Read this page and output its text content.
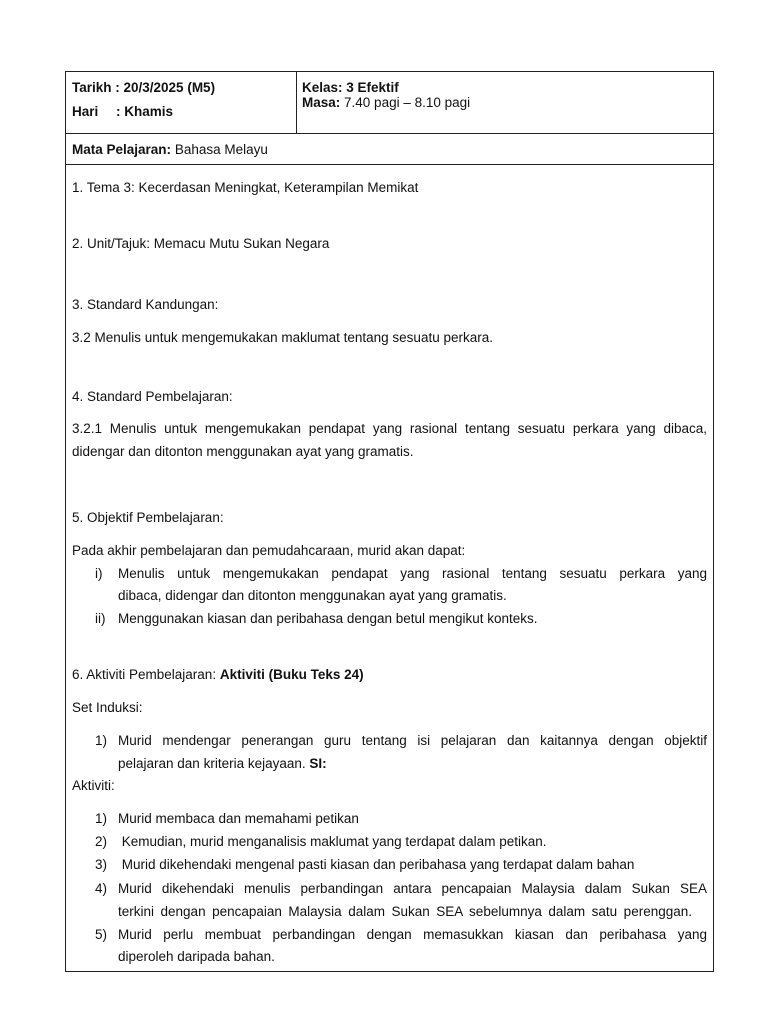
Tarikh : 20/3/2025 (M5)
Hari : Khamis
Kelas: 3 Efektif
Masa: 7.40 pagi – 8.10 pagi
Mata Pelajaran: Bahasa Melayu
1. Tema 3: Kecerdasan Meningkat, Keterampilan Memikat
2. Unit/Tajuk: Memacu Mutu Sukan Negara
3. Standard Kandungan:
3.2 Menulis untuk mengemukakan maklumat tentang sesuatu perkara.
4. Standard Pembelajaran:
3.2.1 Menulis untuk mengemukakan pendapat yang rasional tentang sesuatu perkara yang dibaca,
didengar dan ditonton menggunakan ayat yang gramatis.
5. Objektif Pembelajaran:
Pada akhir pembelajaran dan pemudahcaraan, murid akan dapat:
i) Menulis untuk mengemukakan pendapat yang rasional tentang sesuatu perkara yang
dibaca, didengar dan ditonton menggunakan ayat yang gramatis.
ii) Menggunakan kiasan dan peribahasa dengan betul mengikut konteks.
6. Aktiviti Pembelajaran: Aktiviti (Buku Teks 24)
Set Induksi:
1) Murid mendengar penerangan guru tentang isi pelajaran dan kaitannya dengan objektif
pelajaran dan kriteria kejayaan. SI:
Aktiviti:
1) Murid membaca dan memahami petikan
2) Kemudian, murid menganalisis maklumat yang terdapat dalam petikan.
3) Murid dikehendaki mengenal pasti kiasan dan peribahasa yang terdapat dalam bahan
4) Murid dikehendaki menulis perbandingan antara pencapaian Malaysia dalam Sukan SEA
terkini dengan pencapaian Malaysia dalam Sukan SEA sebelumnya dalam satu perenggan.
5) Murid perlu membuat perbandingan dengan memasukkan kiasan dan peribahasa yang
diperoleh daripada bahan.
